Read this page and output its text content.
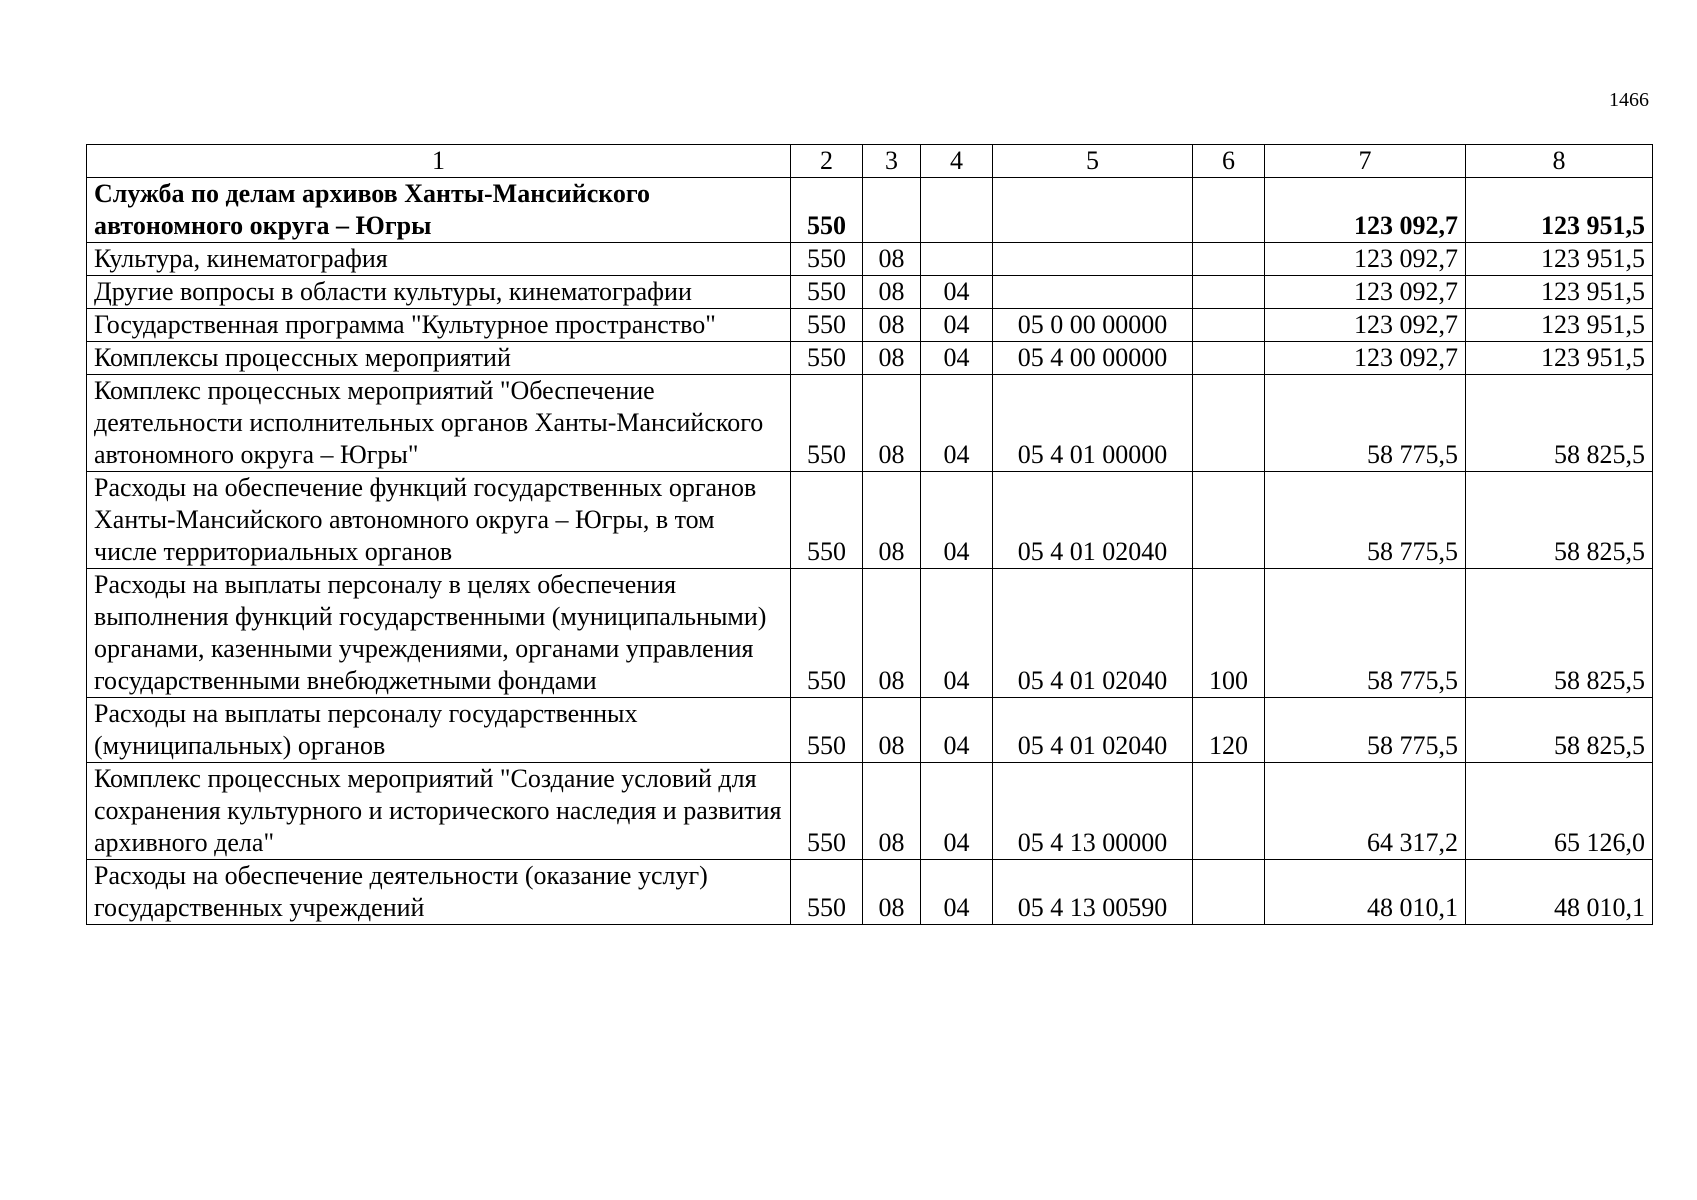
1466
1	2	3	4	5	6	7	8
Служба по делам архивов Ханты-Мансийского автономного округа – Югры	550					123 092,7	123 951,5
Культура, кинематография	550	08				123 092,7	123 951,5
Другие вопросы в области культуры, кинематографии	550	08	04			123 092,7	123 951,5
Государственная программа "Культурное пространство"	550	08	04	05 0 00 00000		123 092,7	123 951,5
Комплексы процессных мероприятий	550	08	04	05 4 00 00000		123 092,7	123 951,5
Комплекс процессных мероприятий "Обеспечение деятельности исполнительных органов Ханты-Мансийского автономного округа – Югры"	550	08	04	05 4 01 00000		58 775,5	58 825,5
Расходы на обеспечение функций государственных органов Ханты-Мансийского автономного округа – Югры, в том числе территориальных органов	550	08	04	05 4 01 02040		58 775,5	58 825,5
Расходы на выплаты персоналу в целях обеспечения выполнения функций государственными (муниципальными) органами, казенными учреждениями, органами управления государственными внебюджетными фондами	550	08	04	05 4 01 02040	100	58 775,5	58 825,5
Расходы на выплаты персоналу государственных (муниципальных) органов	550	08	04	05 4 01 02040	120	58 775,5	58 825,5
Комплекс процессных мероприятий "Создание условий для сохранения культурного и исторического наследия и развития архивного дела"	550	08	04	05 4 13 00000		64 317,2	65 126,0
Расходы на обеспечение деятельности (оказание услуг) государственных учреждений	550	08	04	05 4 13 00590		48 010,1	48 010,1
